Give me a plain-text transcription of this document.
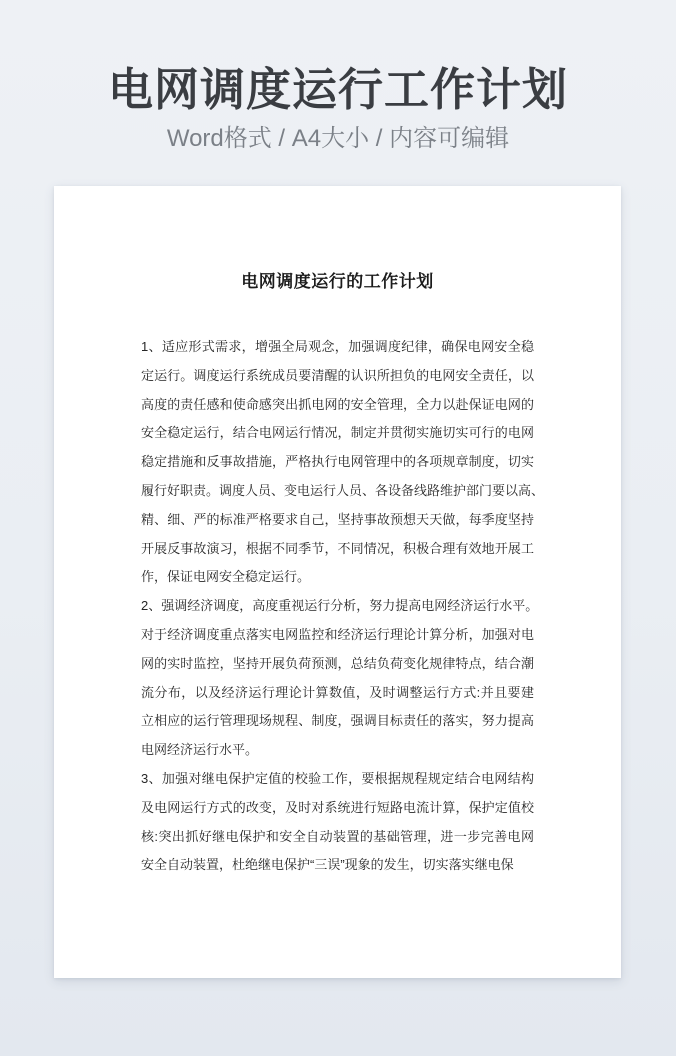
电网调度运行工作计划

Word格式 / A4大小 / 内容可编辑

电网调度运行的工作计划
1、适应形式需求，增强全局观念，加强调度纪律，确保电网安全稳
定运行。调度运行系统成员要清醒的认识所担负的电网安全责任，以
高度的责任感和使命感突出抓电网的安全管理，全力以赴保证电网的
安全稳定运行，结合电网运行情况，制定并贯彻实施切实可行的电网
稳定措施和反事故措施，严格执行电网管理中的各项规章制度，切实
履行好职责。调度人员、变电运行人员、各设备线路维护部门要以高、
精、细、严的标准严格要求自己，坚持事故预想天天做，每季度坚持
开展反事故演习，根据不同季节，不同情况，积极合理有效地开展工
作，保证电网安全稳定运行。
2、强调经济调度，高度重视运行分析，努力提高电网经济运行水平。
对于经济调度重点落实电网监控和经济运行理论计算分析，加强对电
网的实时监控，坚持开展负荷预测，总结负荷变化规律特点，结合潮
流分布，以及经济运行理论计算数值，及时调整运行方式:并且要建
立相应的运行管理现场规程、制度，强调目标责任的落实，努力提高
电网经济运行水平。
3、加强对继电保护定值的校验工作，要根据规程规定结合电网结构
及电网运行方式的改变，及时对系统进行短路电流计算，保护定值校
核:突出抓好继电保护和安全自动装置的基础管理，进一步完善电网
安全自动装置，杜绝继电保护“三误”现象的发生，切实落实继电保
